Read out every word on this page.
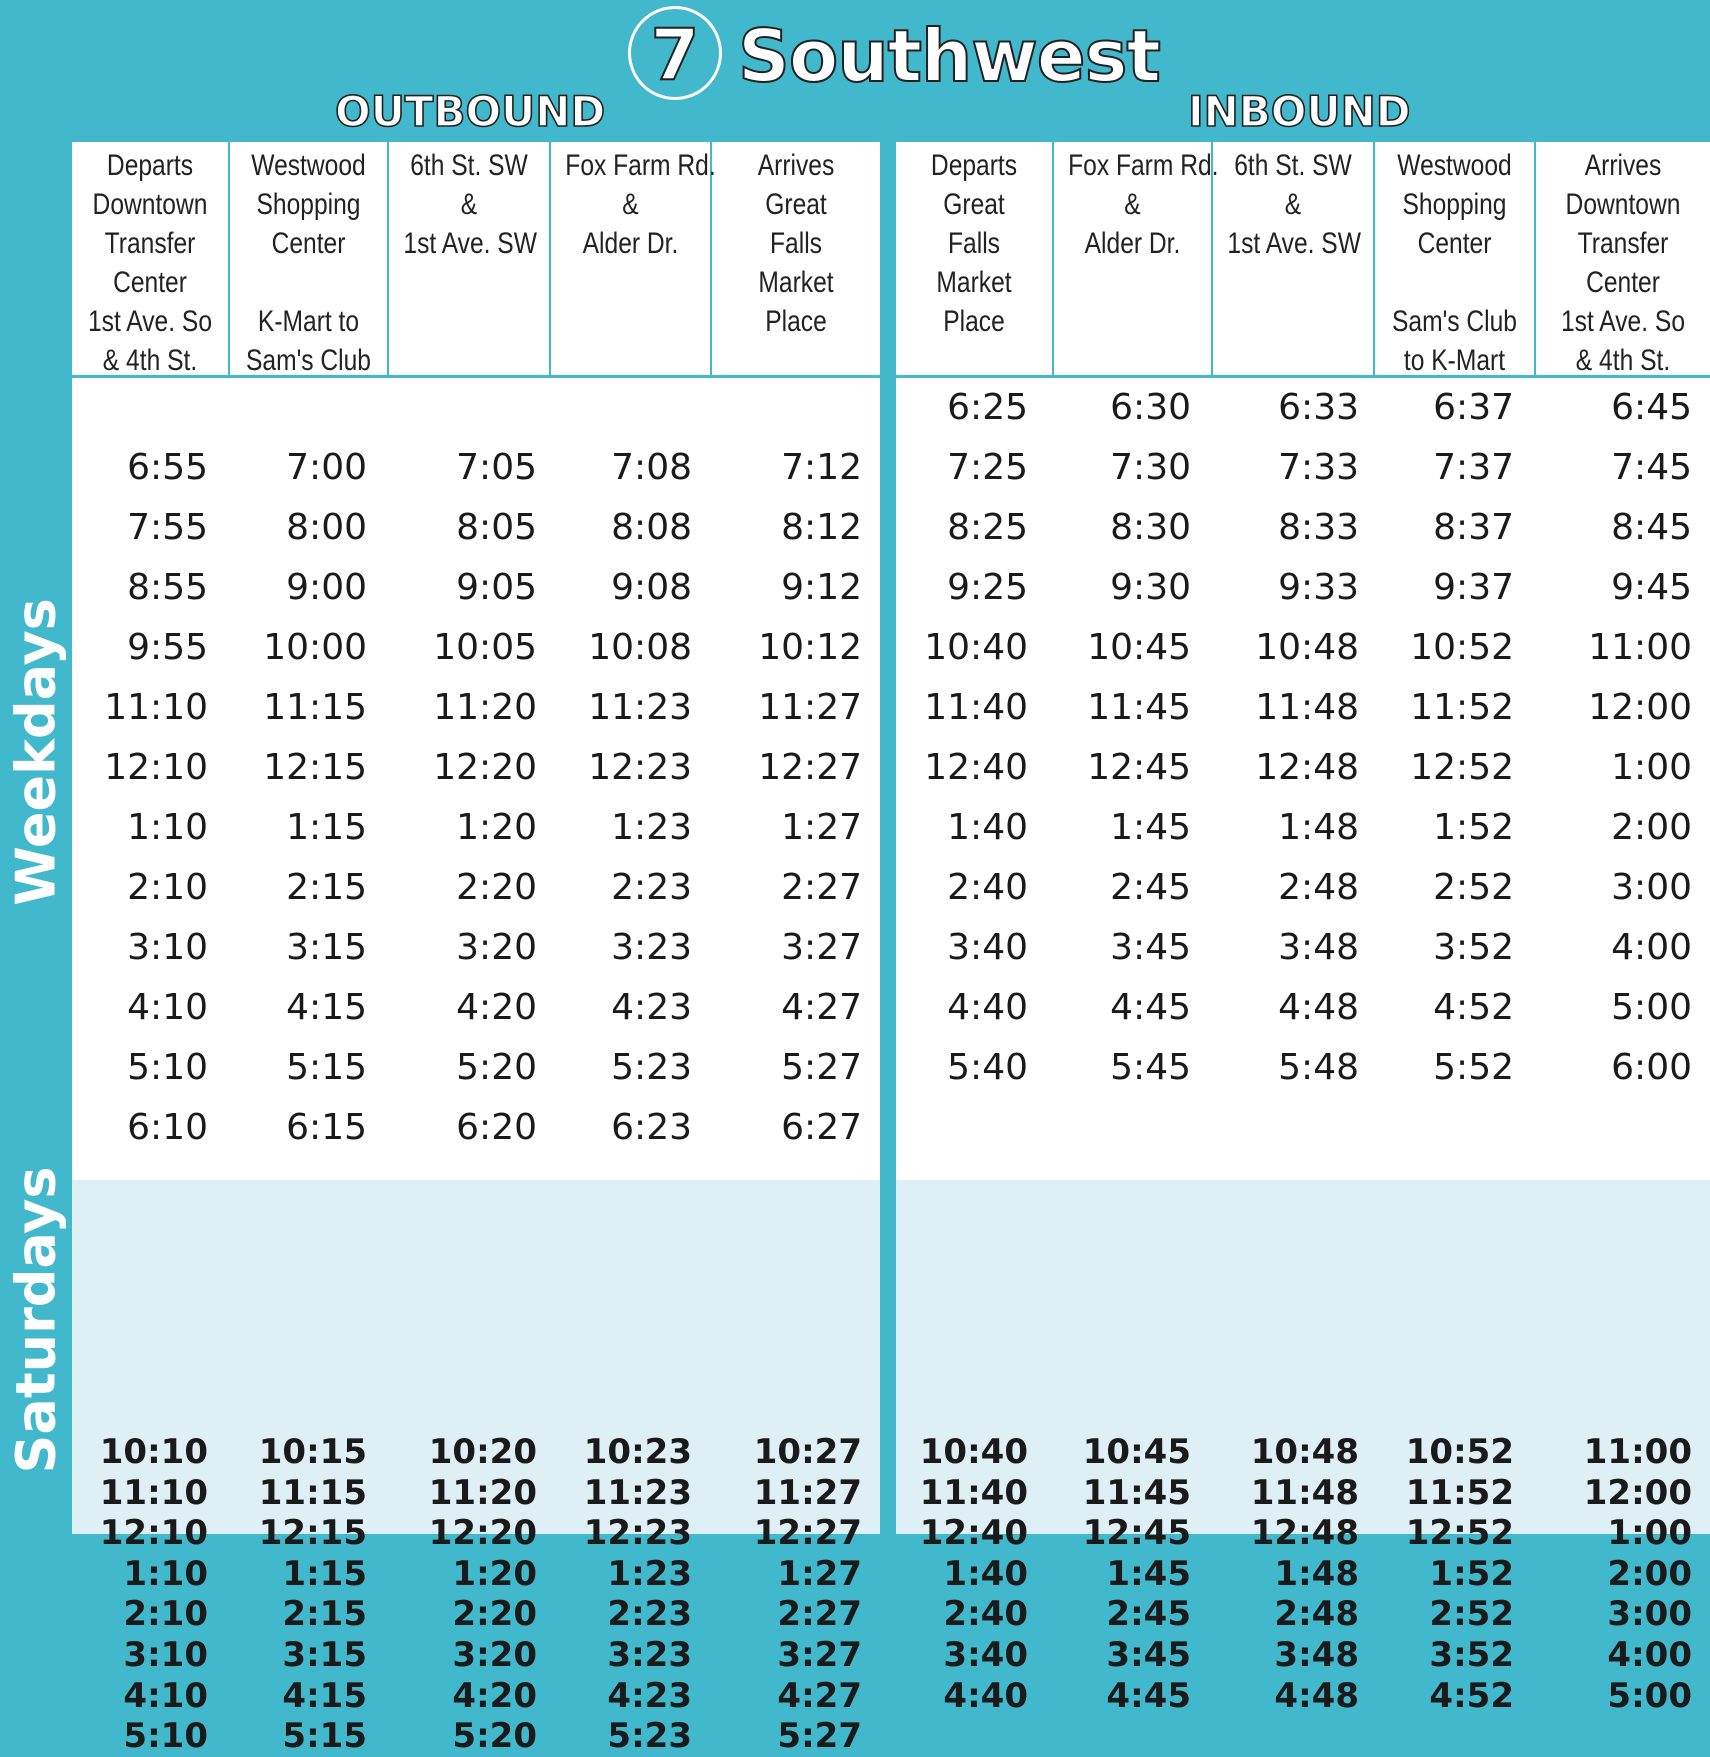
7 Southwest
OUTBOUND	INBOUND
Weekdays
Saturdays
Departs
Downtown
Transfer
Center
1st Ave. So
& 4th St.
Westwood
Shopping
Center
K-Mart to
Sam's Club
6th St. SW
&
1st Ave. SW
Fox Farm Rd.
&
Alder Dr.
Arrives
Great
Falls
Market
Place
6:55
7:55
8:55
9:55
11:10
12:10
1:10
2:10
3:10
4:10
5:10
6:10
10:10
11:10
12:10
1:10
2:10
3:10
4:10
5:10
7:00
8:00
9:00
10:00
11:15
12:15
1:15
2:15
3:15
4:15
5:15
6:15
10:15
11:15
12:15
1:15
2:15
3:15
4:15
5:15
7:05
8:05
9:05
10:05
11:20
12:20
1:20
2:20
3:20
4:20
5:20
6:20
10:20
11:20
12:20
1:20
2:20
3:20
4:20
5:20
7:08
8:08
9:08
10:08
11:23
12:23
1:23
2:23
3:23
4:23
5:23
6:23
10:23
11:23
12:23
1:23
2:23
3:23
4:23
5:23
7:12
8:12
9:12
10:12
11:27
12:27
1:27
2:27
3:27
4:27
5:27
6:27
10:27
11:27
12:27
1:27
2:27
3:27
4:27
5:27
Departs
Great
Falls
Market
Place
Fox Farm Rd.
&
Alder Dr.
6th St. SW
&
1st Ave. SW
Westwood
Shopping
Center
Sam's Club
to K-Mart
Arrives
Downtown
Transfer
Center
1st Ave. So
& 4th St.
6:25
7:25
8:25
9:25
10:40
11:40
12:40
1:40
2:40
3:40
4:40
5:40
10:40
11:40
12:40
1:40
2:40
3:40
4:40
6:30
7:30
8:30
9:30
10:45
11:45
12:45
1:45
2:45
3:45
4:45
5:45
10:45
11:45
12:45
1:45
2:45
3:45
4:45
6:33
7:33
8:33
9:33
10:48
11:48
12:48
1:48
2:48
3:48
4:48
5:48
10:48
11:48
12:48
1:48
2:48
3:48
4:48
6:37
7:37
8:37
9:37
10:52
11:52
12:52
1:52
2:52
3:52
4:52
5:52
10:52
11:52
12:52
1:52
2:52
3:52
4:52
6:45
7:45
8:45
9:45
11:00
12:00
1:00
2:00
3:00
4:00
5:00
6:00
11:00
12:00
1:00
2:00
3:00
4:00
5:00
